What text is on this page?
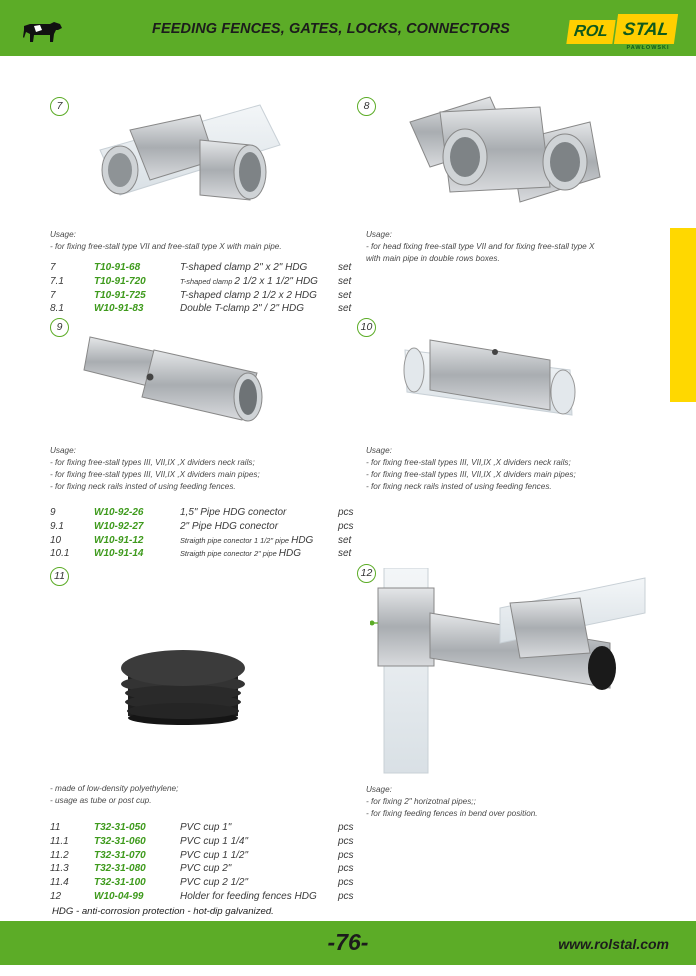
FEEDING FENCES, GATES, LOCKS, CONNECTORS	ROL STAL
PAWŁOWSKI
7	8
Usage:
- for fixing free-stall type VII and free-stall type X with main pipe.
Usage:
- for head fixing free-stall type VII and for fixing free-stall type X
with main pipe in double rows boxes.
7	T10-91-68	T-shaped clamp 2" x 2" HDG	set
7.1	T10-91-720	T-shaped clamp 2 1/2 x 1 1/2" HDG	set
7	T10-91-725	T-shaped clamp 2 1/2 x 2 HDG	set
8.1	W10-91-83	Double T-clamp 2" / 2" HDG	set
9	10
Usage:
- for fixing free-stall types III, VII,IX ,X dividers neck rails;
- for fixing free-stall types III, VII,IX ,X dividers main pipes;
- for fixing neck rails insted of using feeding fences.
Usage:
- for fixing free-stall types III, VII,IX ,X dividers neck rails;
- for fixing free-stall types III, VII,IX ,X dividers main pipes;
- for fixing neck rails insted of using feeding fences.
9	W10-92-26	1,5" Pipe HDG conector	pcs
9.1	W10-92-27	2" Pipe HDG conector	pcs
10	W10-91-12	Straigth pipe conector 1 1/2" pipe HDG	set
10.1	W10-91-14	Straigth pipe conector 2" pipe HDG	set
11	12
- made of low-density polyethylene;
- usage as tube or post cup.
Usage:
- for fixing 2" horizotnal pipes;;
- for fixing feeding fences in bend over position.
11	T32-31-050	PVC cup 1"	pcs
11.1	T32-31-060	PVC cup 1 1/4"	pcs
11.2	T32-31-070	PVC cup 1 1/2"	pcs
11.3	T32-31-080	PVC cup 2"	pcs
11.4	T32-31-100	PVC cup 2 1/2"	pcs
12	W10-04-99	Holder for feeding fences HDG	pcs
HDG - anti-corrosion protection - hot-dip galvanized.
-76-	www.rolstal.com
